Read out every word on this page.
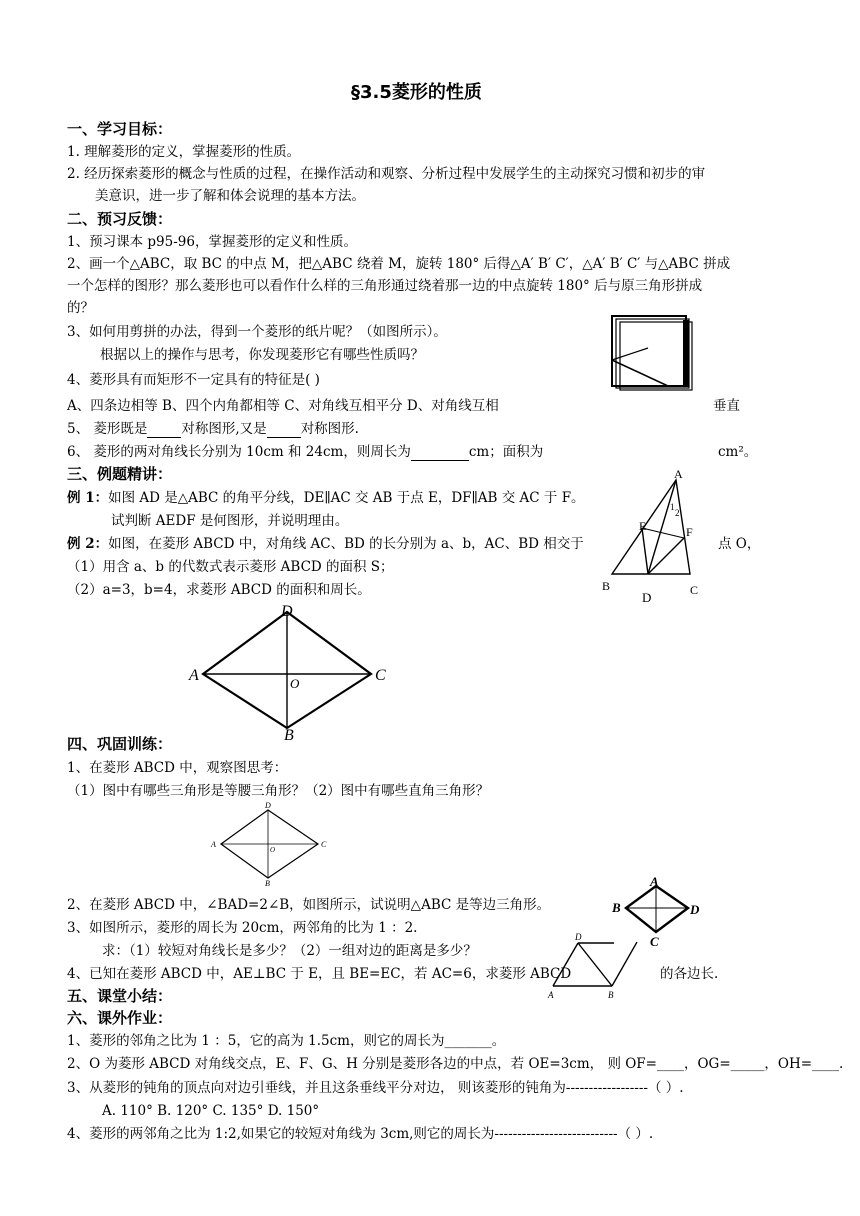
§3.5菱形的性质
一、学习目标：
1. 理解菱形的定义，掌握菱形的性质。
2. 经历探索菱形的概念与性质的过程，在操作活动和观察、分析过程中发展学生的主动探究习惯和初步的审
美意识，进一步了解和体会说理的基本方法。
二、预习反馈：
1、预习课本 p95-96，掌握菱形的定义和性质。
2、画一个△ABC，取 BC 的中点 M，把△ABC 绕着 M，旋转 180° 后得△A′ B′ C′，△A′ B′ C′ 与△ABC 拼成
一个怎样的图形？那么菱形也可以看作什么样的三角形通过绕着那一边的中点旋转 180° 后与原三角形拼成
的？
3、如何用剪拼的办法，得到一个菱形的纸片呢？（如图所示）。
根据以上的操作与思考，你发现菱形它有哪些性质吗？
4、菱形具有而矩形不一定具有的特征是( )
A、四条边相等 B、四个内角都相等 C、对角线互相平分 D、对角线互相	垂直
5、 菱形既是	对称图形,又是	对称图形.
6、 菱形的两对角线长分别为 10cm 和 24cm，则周长为	cm；面积为	cm²。
三、例题精讲：
例 1：如图 AD 是△ABC 的角平分线，DE∥AC 交 AB 于点 E，DF∥AB 交 AC 于 F。
试判断 AEDF 是何图形，并说明理由。
例 2：如图，在菱形 ABCD 中，对角线 AC、BD 的长分别为 a、b，AC、BD 相交于	点 O，
（1）用含 a、b 的代数式表示菱形 ABCD 的面积 S；
（2）a=3，b=4，求菱形 ABCD 的面积和周长。
A
B	C
D
E	F
1
2
A
B
C
D
O
四、巩固训练：
1、在菱形 ABCD 中，观察图思考：
（1）图中有哪些三角形是等腰三角形？（2）图中有哪些直角三角形？
A
B
C
D
O
2、在菱形 ABCD 中，∠BAD=2∠B，如图所示，试说明△ABC 是等边三角形。
3、如图所示，菱形的周长为 20cm，两邻角的比为 1 ：2.
求：（1）较短对角线长是多少？（2）一组对边的距离是多少？
4、已知在菱形 ABCD 中，AE⊥BC 于 E，且 BE=EC，若 AC=6，求菱形 ABCD	的各边长.
A
B
C
D
D
A	B
五、课堂小结：
六、课外作业：
1、菱形的邻角之比为 1 ：5，它的高为 1.5cm，则它的周长为_______。
2、O 为菱形 ABCD 对角线交点，E、F、G、H 分别是菱形各边的中点，若 OE=3cm， 则 OF=____，OG=_____，OH=____.
3、从菱形的钝角的顶点向对边引垂线，并且这条垂线平分对边， 则该菱形的钝角为------------------（ ）.
A. 110° B. 120° C. 135° D. 150°
4、菱形的两邻角之比为 1:2,如果它的较短对角线为 3cm,则它的周长为---------------------------（ ）.
